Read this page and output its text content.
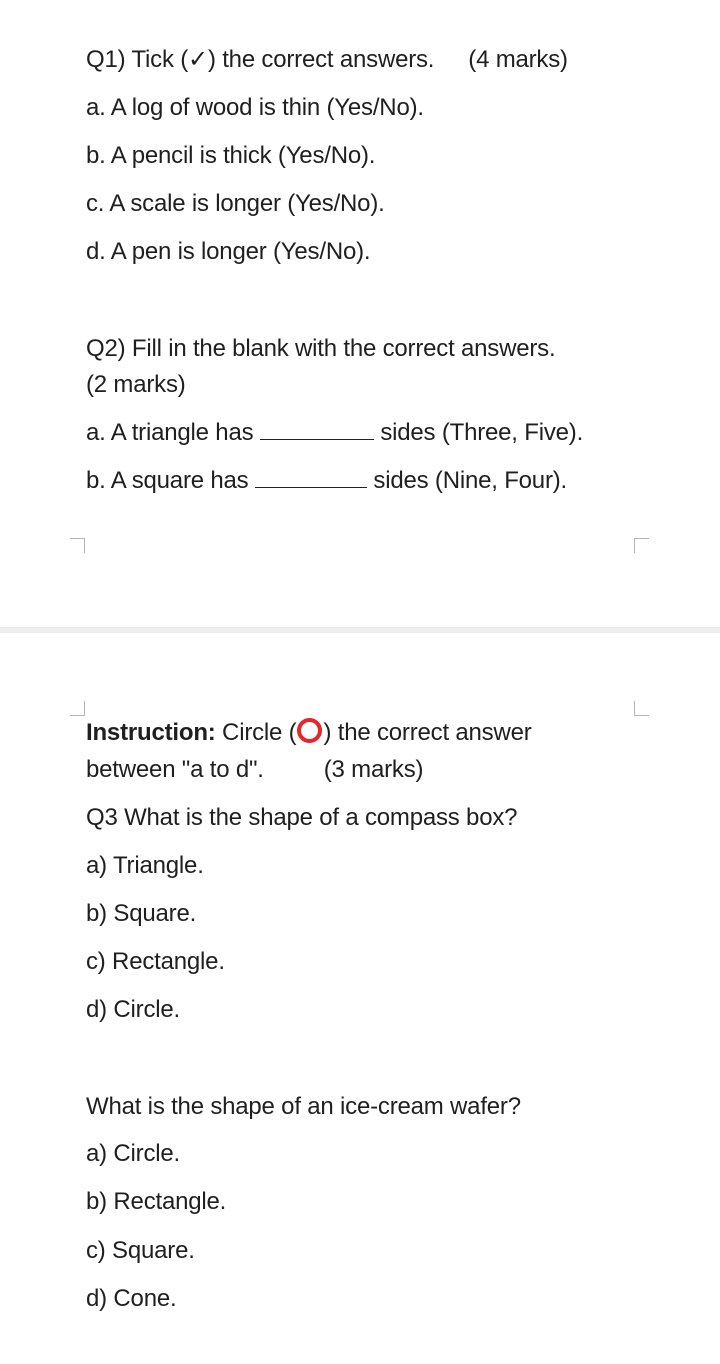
Q1) Tick (✓) the correct answers. (4 marks)
a. A log of wood is thin (Yes/No).
b. A pencil is thick (Yes/No).
c. A scale is longer (Yes/No).
d. A pen is longer (Yes/No).
Q2) Fill in the blank with the correct answers.
(2 marks)
a. A triangle has	sides (Three, Five).
b. A square has	sides (Nine, Four).
Instruction: Circle ( ) the correct answer
between "a to d".	(3 marks)
Q3 What is the shape of a compass box?
a) Triangle.
b) Square.
c) Rectangle.
d) Circle.
What is the shape of an ice-cream wafer?
a) Circle.
b) Rectangle.
c) Square.
d) Cone.
